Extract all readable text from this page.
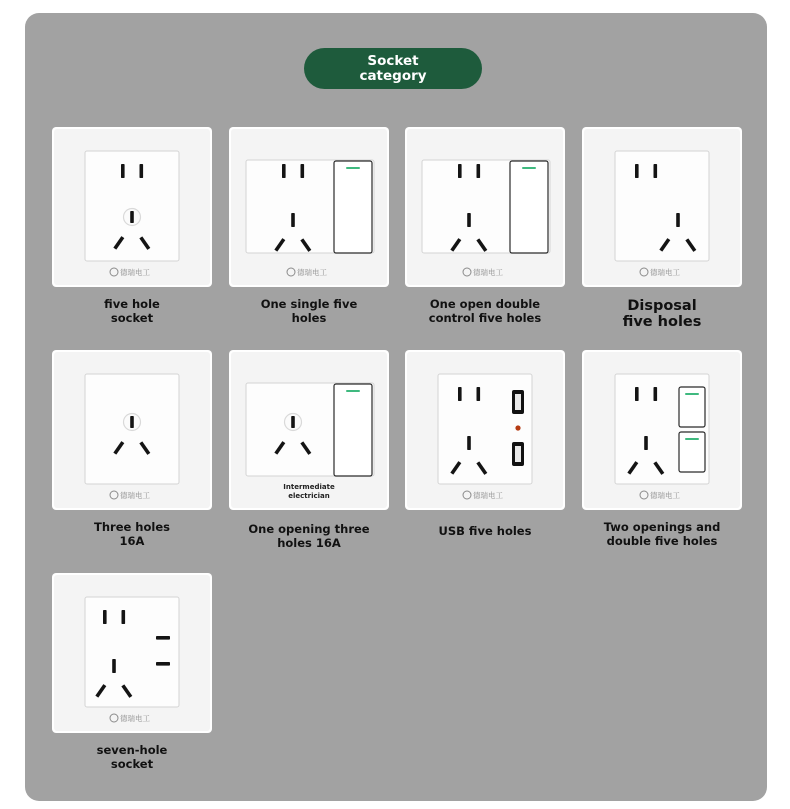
Socket
category
德瑞电工
five hole
socket
德瑞电工
One single five
holes
德瑞电工
One open double
control five holes
德瑞电工
Disposal
five holes
德瑞电工
Three holes
16A
Intermediate
electrician
One opening three
holes 16A
德瑞电工
USB five holes
德瑞电工
Two openings and
double five holes
德瑞电工
seven-hole
socket
